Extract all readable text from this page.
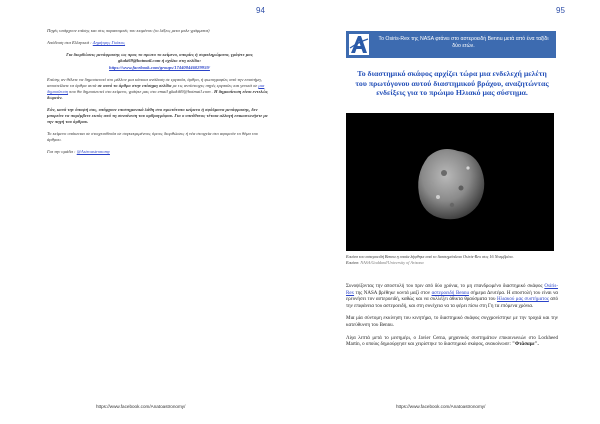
94

Πηγές υπάρχουν επίσης και στις παραπομπές του κειμένου (οι λέξεις μετα μπλε γράμματα)

Απόδοση στα Ελληνικά : Δημήτρης Γκάκος

Για διορθώσεις μετάφρασης ως προς το πρωτο το κείμενο, απορίες ή συμπληρώματα, γράψτε μας gkaki69@hotmail.com ή σχόλιο στη σελίδα:

https://www.facebook.com/groups/174408446029959/

Επίσης αν θέλετε να δημοσιευτεί στο μέλλον μια κάποια ανάλυση σε εργασία, άρθρο, ή φωτογραφίες από την επιστήμη, αποστείλατε τα άρθρα αυτά σε αυτό το άρθρο στην επίσημη σελίδα με τις αντίστοιχες πηγές εργασίες και γενικά σε μια δημοσίευση που θα δημοσιευτεί στο κείμενο, γράψτε μας στο email gkaki69@hotmail.com . Η δημοσίευση είναι εντελώς δωρεάν.

Εάν, κατά την άποψή σας, υπάρχουν επιστημονικά λάθη στο πρωτότυπο κείμενο ή σφάλματα μετάφρασης, δεν μπορείτε να παρέμβετε εκτός από τη συναίνεση του αρθρογράφου. Για ο υπεύθυνος τέτοια αλλαγή επικοινωνήστε με την πηγή του άρθρου.

Το κείμενο υπόκειται σε στοιχειοθεσία σε συγκεκριμένους όρους διορθώσεις ή νέα στοιχεία στο αφορούν το θέμα του άρθρου.

Για την ομάδα : @Astroastronomy

https://www.facebook.com/Anatoastronomy/
95
Το Osiris-Rex της NASA φτάνει στο αστεροειδή Bennu μετά από ένα ταξίδι δύο ετών.
Το διαστημικό σκάφος αρχίζει τώρα μια ενδελεχή μελέτη του πρωτόγονου αυτού διαστημικού βράχου, αναζητώντας ενδείξεις για το πρώιμο Ηλιακό μας σύστημα.
Εικόνα του αστεροειδή Bennu η οποία λήφθηκε από το διαστημόπλοιο Osiris-Rex στις 16 Νοεμβρίου.
Εικόνα: NASA/Goddard/University of Arizona

Συνοψίζοντας την αποστολή του πριν από δύο χρόνια, το μη επανδρωμένο διαστημικό σκάφος Osiris-Rex της NASA βρέθηκε κοντά μαζί στον αστεροειδή Bennu σήμερα Δευτέρα. Η αποστολή του είναι να ερευνήσει τον αστεροειδή, καθώς και να συλλέξει άθικτα θραύσματα του Ηλιακού μας συστήματος από την επιφάνεια του αστεροειδή, και στη συνέχεια να τα φέρει πίσω στη Γη τα επόμενα χρόνια.

Μια μία σύντομη εκκίνηση του κινητήρα, το διαστημικό σκάφος συγχρονίστηκε με την τροχιά και την κατεύθυνση του Bennu.

Λίγα λεπτά μετά το μεσημέρι, ο Javier Cerna, μηχανικός συστημάτων επικοινωνιών στο Lockheed Martin, ο οποίος δημιούργησε και χειρίστηκε το διαστημικό σκάφος, ανακοίνωσε: "Φτάσαμε".

https://www.facebook.com/Anatoastronomy/
